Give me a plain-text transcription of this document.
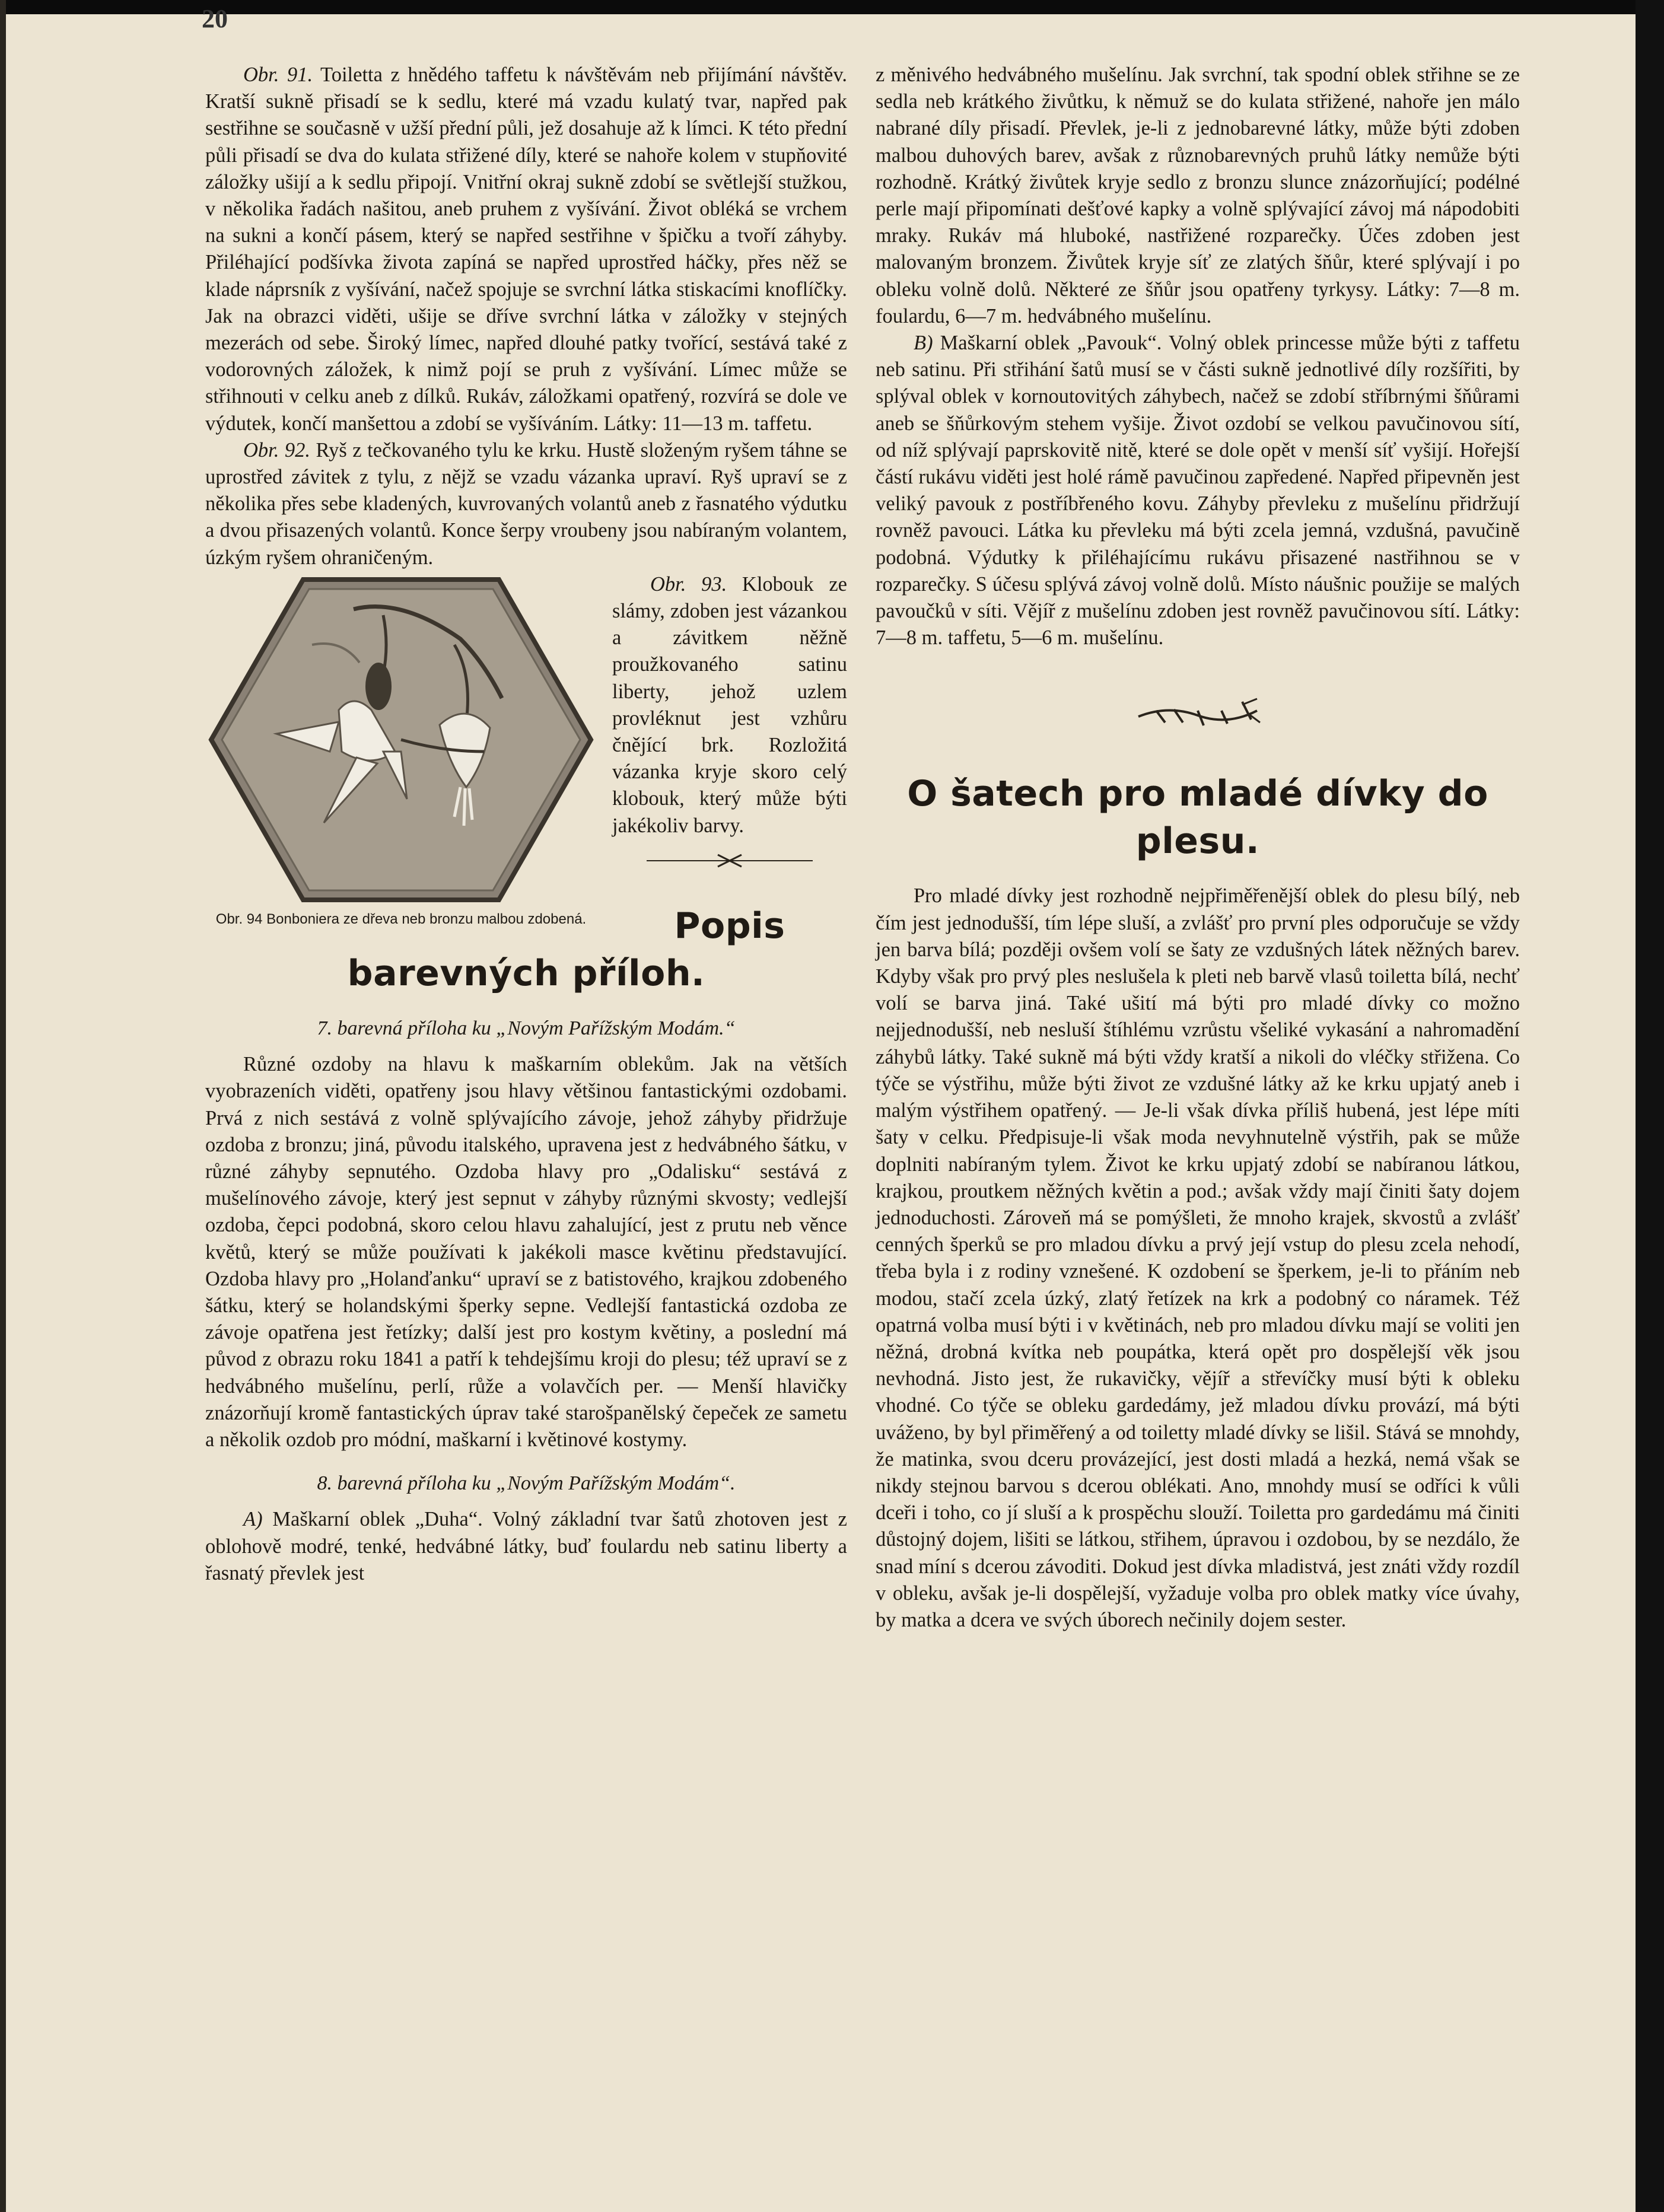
20

Obr. 91. Toiletta z hnědého taffetu k návštěvám neb přijímání návštěv. Kratší sukně přisadí se k sedlu, které má vzadu kulatý tvar, napřed pak sestřihne se současně v užší přední půli, jež dosahuje až k límci. K této přední půli přisadí se dva do kulata střižené díly, které se nahoře kolem v stupňovité záložky ušijí a k sedlu připojí. Vnitřní okraj sukně zdobí se světlejší stužkou, v několika řadách našitou, aneb pruhem z vyšívání. Život obléká se vrchem na sukni a končí pásem, který se napřed sestřihne v špičku a tvoří záhyby. Přiléhající podšívka života zapíná se napřed uprostřed háčky, přes něž se klade náprsník z vyšívání, načež spojuje se svrchní látka stiskacími knoflíčky. Jak na obrazci viděti, ušije se dříve svrchní látka v záložky v stejných mezerách od sebe. Široký límec, napřed dlouhé patky tvořící, sestává také z vodorovných záložek, k nimž pojí se pruh z vyšívání. Límec může se střihnouti v celku aneb z dílků. Rukáv, záložkami opatřený, rozvírá se dole ve výdutek, končí manšettou a zdobí se vyšíváním. Látky: 11—13 m. taffetu.

Obr. 92. Ryš z tečkovaného tylu ke krku. Hustě složeným ryšem táhne se uprostřed závitek z tylu, z nějž se vzadu vázanka upraví. Ryš upraví se z několika přes sebe kladených, kuvrovaných volantů aneb z řasnatého výdutku a dvou přisazených volantů. Konce šerpy vroubeny jsou nabíraným volantem, úzkým ryšem ohraničeným.

Obr. 94 Bonboniera ze dřeva neb bronzu malbou zdobená.

Obr. 93. Klobouk ze slámy, zdoben jest vázankou a závitkem něžně proužkovaného satinu liberty, jehož uzlem provléknut jest vzhůru čnějící brk. Rozložitá vázanka kryje skoro celý klobouk, který může býti jakékoliv barvy.

Popis barevných příloh.
7. barevná příloha ku „Novým Pařížským Modám.“

Různé ozdoby na hlavu k maškarním oblekům. Jak na větších vyobrazeních viděti, opatřeny jsou hlavy většinou fantastickými ozdobami. Prvá z nich sestává z volně splývajícího závoje, jehož záhyby přidržuje ozdoba z bronzu; jiná, původu italského, upravena jest z hedvábného šátku, v různé záhyby sepnutého. Ozdoba hlavy pro „Odalisku“ sestává z mušelínového závoje, který jest sepnut v záhyby různými skvosty; vedlejší ozdoba, čepci podobná, skoro celou hlavu zahalující, jest z prutu neb věnce květů, který se může používati k jakékoli masce květinu představující. Ozdoba hlavy pro „Holanďanku“ upraví se z batistového, krajkou zdobeného šátku, který se holandskými šperky sepne. Vedlejší fantastická ozdoba ze závoje opatřena jest řetízky; další jest pro kostym květiny, a poslední má původ z obrazu roku 1841 a patří k tehdejšímu kroji do plesu; též upraví se z hedvábného mušelínu, perlí, růže a volavčích per. — Menší hlavičky znázorňují kromě fantastických úprav také starošpanělský čepeček ze sametu a několik ozdob pro módní, maškarní i květinové kostymy.

8. barevná příloha ku „Novým Pařížským Modám“.

A) Maškarní oblek „Duha“. Volný základní tvar šatů zhotoven jest z oblohově modré, tenké, hedvábné látky, buď foulardu neb satinu liberty a řasnatý převlek jest

z měnivého hedvábného mušelínu. Jak svrchní, tak spodní oblek střihne se ze sedla neb krátkého živůtku, k němuž se do kulata střižené, nahoře jen málo nabrané díly přisadí. Převlek, je-li z jednobarevné látky, může býti zdoben malbou duhových barev, avšak z různobarevných pruhů látky nemůže býti rozhodně. Krátký živůtek kryje sedlo z bronzu slunce znázorňující; podélné perle mají připomínati dešťové kapky a volně splývající závoj má nápodobiti mraky. Rukáv má hluboké, nastřižené rozparečky. Účes zdoben jest malovaným bronzem. Živůtek kryje síť ze zlatých šňůr, které splývají i po obleku volně dolů. Některé ze šňůr jsou opatřeny tyrkysy. Látky: 7—8 m. foulardu, 6—7 m. hedvábného mušelínu.

B) Maškarní oblek „Pavouk“. Volný oblek princesse může býti z taffetu neb satinu. Při střihání šatů musí se v části sukně jednotlivé díly rozšířiti, by splýval oblek v kornoutovitých záhybech, načež se zdobí stříbrnými šňůrami aneb se šňůrkovým stehem vyšije. Život ozdobí se velkou pavučinovou sítí, od níž splývají paprskovitě nitě, které se dole opět v menší síť vyšijí. Hořejší částí rukávu viděti jest holé rámě pavučinou zapředené. Napřed připevněn jest veliký pavouk z postříbřeného kovu. Záhyby převleku z mušelínu přidržují rovněž pavouci. Látka ku převleku má býti zcela jemná, vzdušná, pavučině podobná. Výdutky k přiléhajícímu rukávu přisazené nastřihnou se v rozparečky. S účesu splývá závoj volně dolů. Místo náušnic použije se malých pavoučků v síti. Vějíř z mušelínu zdoben jest rovněž pavučinovou sítí. Látky: 7—8 m. taffetu, 5—6 m. mušelínu.

O šatech pro mladé dívky do plesu.

Pro mladé dívky jest rozhodně nejpřiměřenější oblek do plesu bílý, neb čím jest jednodušší, tím lépe sluší, a zvlášť pro první ples odporučuje se vždy jen barva bílá; později ovšem volí se šaty ze vzdušných látek něžných barev. Kdyby však pro prvý ples neslušela k pleti neb barvě vlasů toiletta bílá, nechť volí se barva jiná. Také ušití má býti pro mladé dívky co možno nejjednodušší, neb nesluší štíhlému vzrůstu všeliké vykasání a nahromadění záhybů látky. Také sukně má býti vždy kratší a nikoli do vléčky střižena. Co týče se výstřihu, může býti život ze vzdušné látky až ke krku upjatý aneb i malým výstřihem opatřený. — Je-li však dívka příliš hubená, jest lépe míti šaty v celku. Předpisuje-li však moda nevyhnutelně výstřih, pak se může doplniti nabíraným tylem. Život ke krku upjatý zdobí se nabíranou látkou, krajkou, proutkem něžných květin a pod.; avšak vždy mají činiti šaty dojem jednoduchosti. Zároveň má se pomýšleti, že mnoho krajek, skvostů a zvlášť cenných šperků se pro mladou dívku a prvý její vstup do plesu zcela nehodí, třeba byla i z rodiny vznešené. K ozdobení se šperkem, je-li to přáním neb modou, stačí zcela úzký, zlatý řetízek na krk a podobný co náramek. Též opatrná volba musí býti i v květinách, neb pro mladou dívku mají se voliti jen něžná, drobná kvítka neb poupátka, která opět pro dospělejší věk jsou nevhodná. Jisto jest, že rukavičky, vějíř a střevíčky musí býti k obleku vhodné. Co týče se obleku gardedámy, jež mladou dívku provází, má býti uváženo, by byl přiměřený a od toiletty mladé dívky se lišil. Stává se mnohdy, že matinka, svou dceru provázející, jest dosti mladá a hezká, nemá však se nikdy stejnou barvou s dcerou oblékati. Ano, mnohdy musí se odříci k vůli dceři i toho, co jí sluší a k prospěchu slouží. Toiletta pro gardedámu má činiti důstojný dojem, lišiti se látkou, střihem, úpravou i ozdobou, by se nezdálo, že snad míní s dcerou závoditi. Dokud jest dívka mladistvá, jest znáti vždy rozdíl v obleku, avšak je-li dospělejší, vyžaduje volba pro oblek matky více úvahy, by matka a dcera ve svých úborech nečinily dojem sester.
